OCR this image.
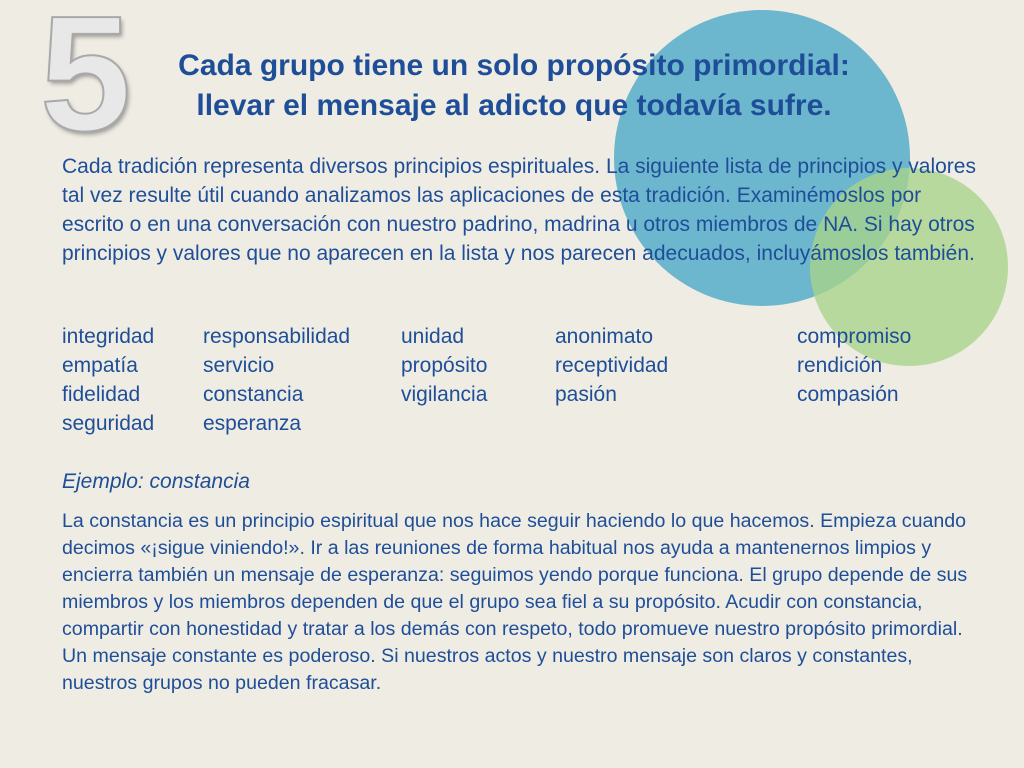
5	Cada grupo tiene un solo propósito primordial:
llevar el mensaje al adicto que todavía sufre.
Cada tradición representa diversos principios espirituales. La siguiente lista de principios y valores tal vez resulte útil cuando analizamos las aplicaciones de esta tradición. Examinémoslos por escrito o en una conversación con nuestro padrino, madrina u otros miembros de NA. Si hay otros principios y valores que no aparecen en la lista y nos parecen adecuados, incluyámoslos también.
integridad
empatía
fidelidad
seguridad
responsabilidad
servicio
constancia
esperanza
unidad
propósito
vigilancia
anonimato
receptividad
pasión
compromiso
rendición
compasión
Ejemplo: constancia
La constancia es un principio espiritual que nos hace seguir haciendo lo que hacemos. Empieza cuando decimos «¡sigue viniendo!». Ir a las reuniones de forma habitual nos ayuda a mantenernos limpios y encierra también un mensaje de esperanza: seguimos yendo porque funciona. El grupo depende de sus miembros y los miembros dependen de que el grupo sea fiel a su propósito. Acudir con constancia, compartir con honestidad y tratar a los demás con respeto, todo promueve nuestro propósito primordial. Un mensaje constante es poderoso. Si nuestros actos y nuestro mensaje son claros y constantes, nuestros grupos no pueden fracasar.
